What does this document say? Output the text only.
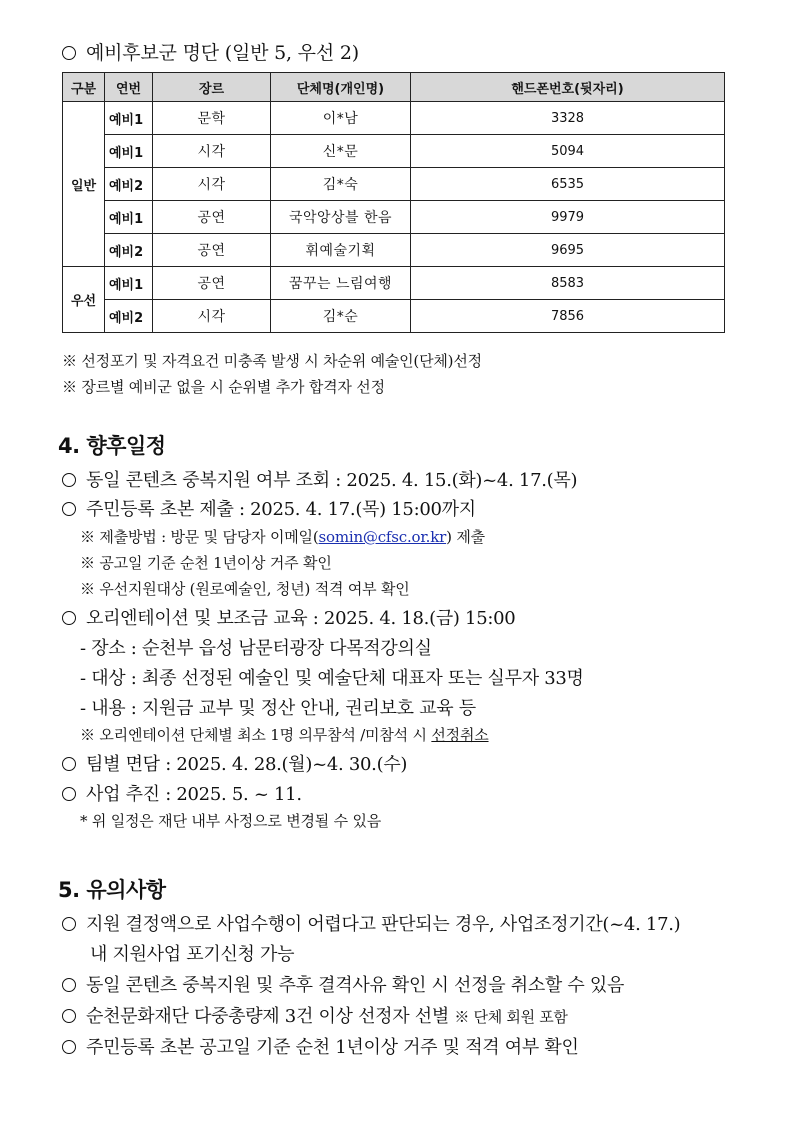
예비후보군 명단 (일반 5, 우선 2)
구분	연번	장르	단체명(개인명)	핸드폰번호(뒷자리)
일반	예비1	문학	이*남	3328
	예비1	시각	신*문	5094
	예비2	시각	김*숙	6535
	예비1	공연	국악앙상블 한음	9979
	예비2	공연	휘예술기획	9695
우선	예비1	공연	꿈꾸는 느림여행	8583
	예비2	시각	김*순	7856
※ 선정포기 및 자격요건 미충족 발생 시 차순위 예술인(단체)선정
※ 장르별 예비군 없을 시 순위별 추가 합격자 선정
4. 향후일정
동일 콘텐츠 중복지원 여부 조회 : 2025. 4. 15.(화)~4. 17.(목)
주민등록 초본 제출 : 2025. 4. 17.(목) 15:00까지
※ 제출방법 : 방문 및 담당자 이메일(somin@cfsc.or.kr) 제출
※ 공고일 기준 순천 1년이상 거주 확인
※ 우선지원대상 (원로예술인, 청년) 적격 여부 확인
오리엔테이션 및 보조금 교육 : 2025. 4. 18.(금) 15:00
- 장소 : 순천부 읍성 남문터광장 다목적강의실
- 대상 : 최종 선정된 예술인 및 예술단체 대표자 또는 실무자 33명
- 내용 : 지원금 교부 및 정산 안내, 권리보호 교육 등
※ 오리엔테이션 단체별 최소 1명 의무참석 /미참석 시 선정취소
팀별 면담 : 2025. 4. 28.(월)~4. 30.(수)
사업 추진 : 2025. 5. ~ 11.
* 위 일정은 재단 내부 사정으로 변경될 수 있음
5. 유의사항
지원 결정액으로 사업수행이 어렵다고 판단되는 경우, 사업조정기간(~4. 17.)
내 지원사업 포기신청 가능
동일 콘텐츠 중복지원 및 추후 결격사유 확인 시 선정을 취소할 수 있음
순천문화재단 다중총량제 3건 이상 선정자 선별 ※ 단체 회원 포함
주민등록 초본 공고일 기준 순천 1년이상 거주 및 적격 여부 확인
